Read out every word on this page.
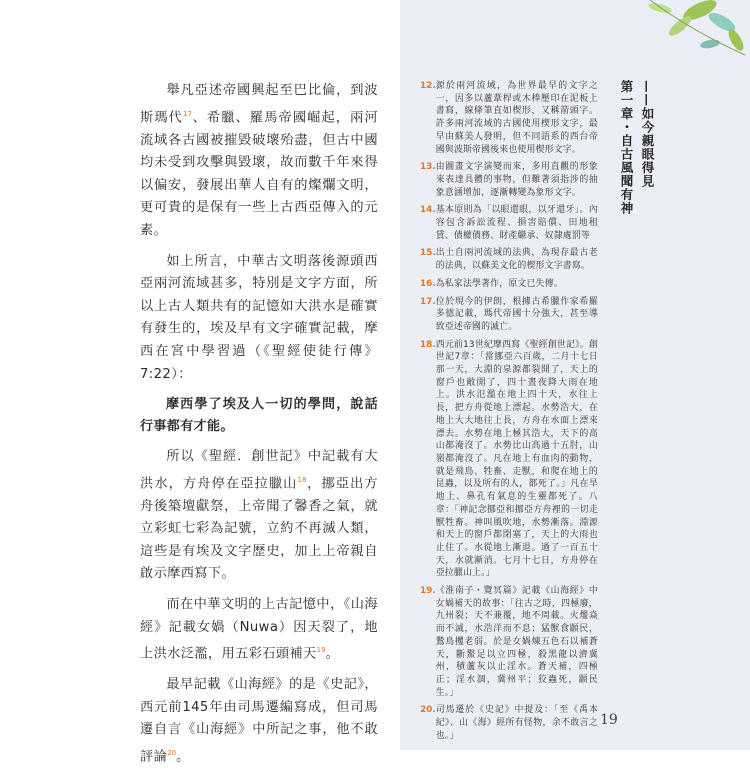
舉凡亞述帝國興起至巴比倫，到波斯瑪代$^{17}$、希臘、羅馬帝國崛起，兩河流域各古國被摧毀破壞殆盡，但古中國均未受到攻擊與毀壞，故而數千年來得以偏安，發展出華人自有的燦爛文明，更可貴的是保有一些上古西亞傳入的元素。

如上所言，中華古文明落後源頭西亞兩河流域甚多，特別是文字方面，所以上古人類共有的記憶如大洪水是確實有發生的，埃及早有文字確實記載，摩西在宮中學習過（《聖經使徒行傳》7:22）：

摩西學了埃及人一切的學問，說話行事都有才能。

所以《聖經．創世記》中記載有大洪水，方舟停在亞拉臘山$^{18}$，挪亞出方舟後築壇獻祭，上帝聞了馨香之氣，就立彩虹七彩為記號，立約不再滅人類，這些是有埃及文字歷史，加上上帝親自啟示摩西寫下。

而在中華文明的上古記憶中，《山海經》記載女媧（Nuwa）因天裂了，地上洪水泛濫，用五彩石頭補天$^{19}$。

最早記載《山海經》的是《史記》，西元前145年由司馬遷編寫成，但司馬遷自言《山海經》中所記之事，他不敢評論$^{20}$。

12. 源於兩河流域，為世界最早的文字之一，因多以蘆葦桿或木棒壓印在泥板上書寫，線條筆直如楔形，又稱箭頭字。許多兩河流域的古國使用楔形文字，最早由蘇美人發明，但不同語系的西台帝國與波斯帝國後來也使用楔形文字。
13. 由圖畫文字演變而來，多用直觀的形象來表達具體的事物，但難著須指涉的抽象意涵增加，逐漸轉變為象形文字。
14. 基本原則為「以眼還眼，以牙還牙」。內容包含訴訟流程、損害賠償、田地租賃、債權債務、財產繼承、奴隸處罰等
15. 出土自兩河流域的法典，為現存最古老的法典，以蘇美文化的楔形文字書寫。
16. 為私家法學著作，原文已失傳。
17. 位於現今的伊朗，根據古希臘作家希羅多德記載，瑪代帝國十分強大，甚至導致亞述帝國的滅亡。
18. 西元前13世紀摩西寫《聖經創世記》。創世記7章：「當挪亞六百歲，二月十七日那一天，大淵的泉源都裂開了，天上的窗戶也敞開了，四十晝夜降大雨在地上。洪水氾濫在地上四十天，水往上長，把方舟從地上漂起。水勢浩大，在地上大大地往上長，方舟在水面上漂來漂去。水勢在地上極其浩大，天下的高山都淹沒了。水勢比山高過十五肘，山嶺都淹沒了。凡在地上有血肉的動物，就是飛鳥、牲畜、走獸，和爬在地上的昆蟲，以及所有的人，都死了。」凡在旱地上、鼻孔有氣息的生靈都死了。八章：「神記念挪亞和挪亞方舟裡的一切走獸牲畜。神叫風吹地，水勢漸落。淵源和天上的窗戶都閉塞了，天上的大雨也止住了。水從地上漸退。過了一百五十天，水就漸消。七月十七日，方舟停在亞拉臘山上。」
19. 《淮南子・覽冥篇》記載《山海經》中女媧補天的故事：「往古之時，四極廢，九州裂；天不兼覆，地不周載。火爁焱而不滅，水浩洋而不息；猛獸食顓民，鷙鳥攫老弱。於是女媧煉五色石以補蒼天，斷鰲足以立四極，殺黑龍以濟冀州，積蘆灰以止淫水。蒼天補，四極正；淫水涸，冀州平；狡蟲死，顓民生。」
20. 司馬遷於《史記》中提及：「至《禹本紀》、山《海》經所有怪物，余不敢言之也。」
第一章・自古風聞有神 ——如今親眼得見
19
